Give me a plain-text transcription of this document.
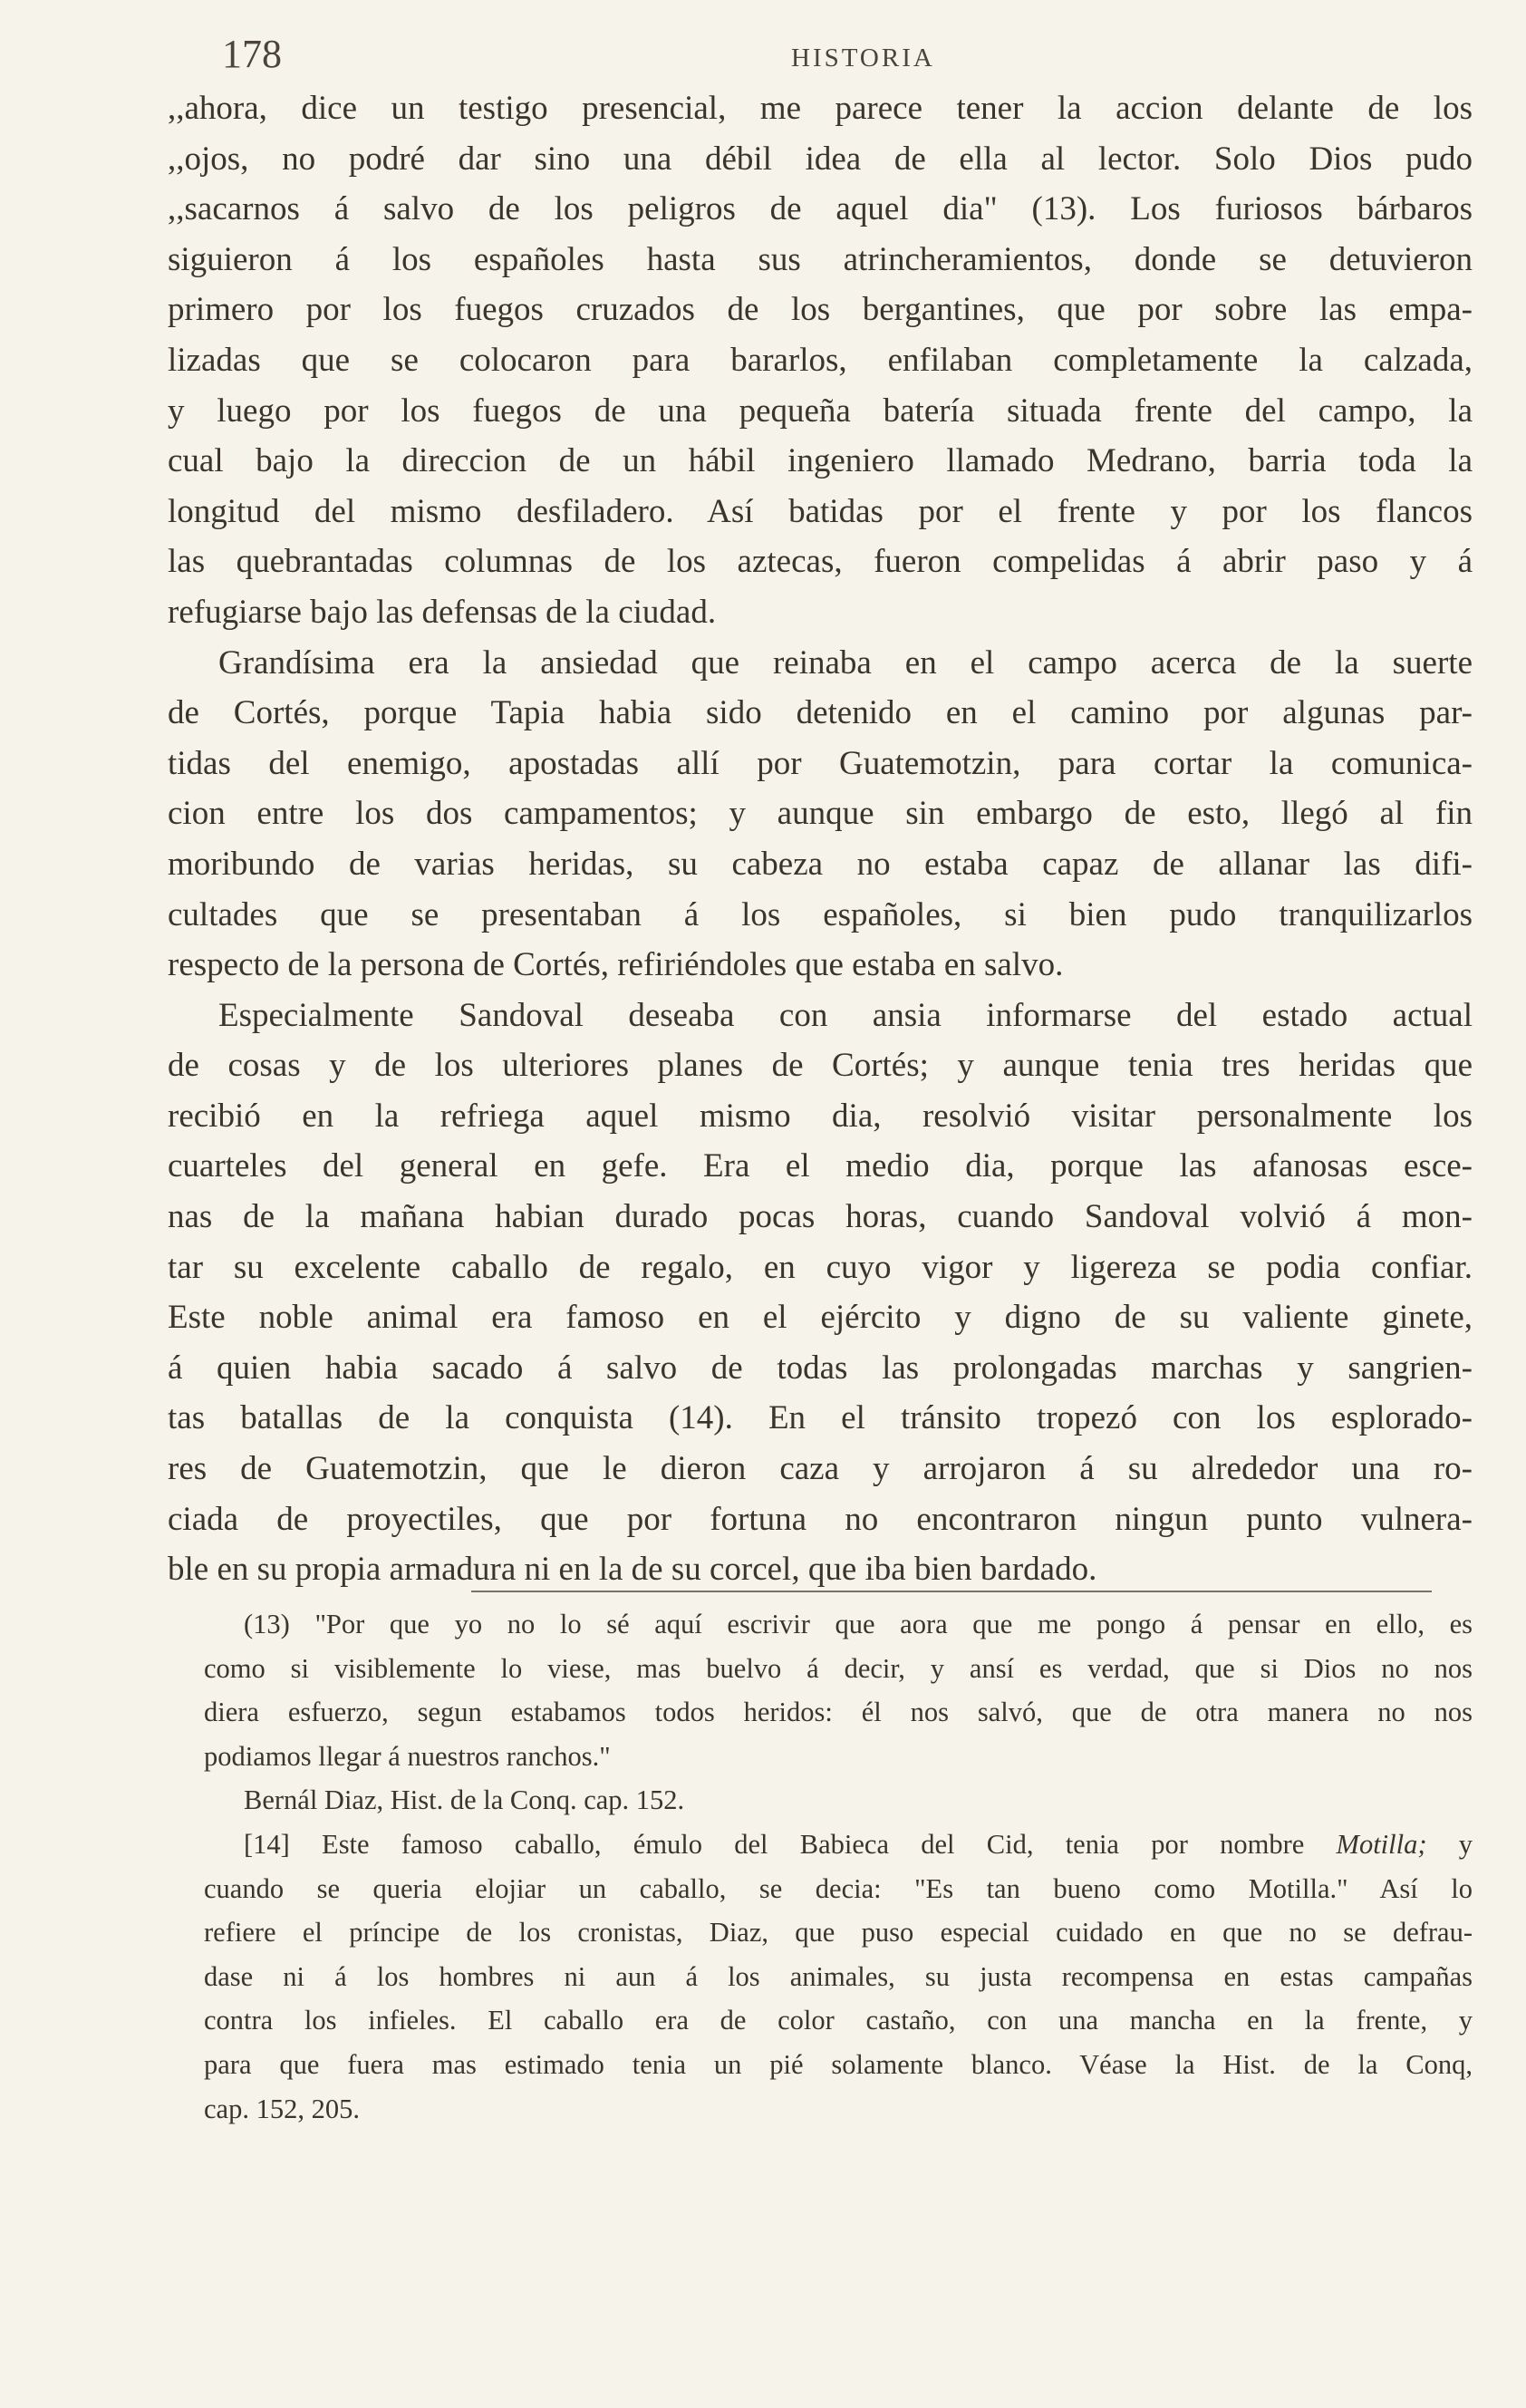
178	HISTORIA
,,ahora, dice un testigo presencial, me parece tener la accion delante de los
,,ojos, no podré dar sino una débil idea de ella al lector. Solo Dios pudo
,,sacarnos á salvo de los peligros de aquel dia" (13). Los furiosos bárbaros
siguieron á los españoles hasta sus atrincheramientos, donde se detuvieron
primero por los fuegos cruzados de los bergantines, que por sobre las empa-
lizadas que se colocaron para bararlos, enfilaban completamente la calzada,
y luego por los fuegos de una pequeña batería situada frente del campo, la
cual bajo la direccion de un hábil ingeniero llamado Medrano, barria toda la
longitud del mismo desfiladero. Así batidas por el frente y por los flancos
las quebrantadas columnas de los aztecas, fueron compelidas á abrir paso y á
refugiarse bajo las defensas de la ciudad.
Grandísima era la ansiedad que reinaba en el campo acerca de la suerte
de Cortés, porque Tapia habia sido detenido en el camino por algunas par-
tidas del enemigo, apostadas allí por Guatemotzin, para cortar la comunica-
cion entre los dos campamentos; y aunque sin embargo de esto, llegó al fin
moribundo de varias heridas, su cabeza no estaba capaz de allanar las difi-
cultades que se presentaban á los españoles, si bien pudo tranquilizarlos
respecto de la persona de Cortés, refiriéndoles que estaba en salvo.
Especialmente Sandoval deseaba con ansia informarse del estado actual
de cosas y de los ulteriores planes de Cortés; y aunque tenia tres heridas que
recibió en la refriega aquel mismo dia, resolvió visitar personalmente los
cuarteles del general en gefe. Era el medio dia, porque las afanosas esce-
nas de la mañana habian durado pocas horas, cuando Sandoval volvió á mon-
tar su excelente caballo de regalo, en cuyo vigor y ligereza se podia confiar.
Este noble animal era famoso en el ejército y digno de su valiente ginete,
á quien habia sacado á salvo de todas las prolongadas marchas y sangrien-
tas batallas de la conquista (14). En el tránsito tropezó con los esplorado-
res de Guatemotzin, que le dieron caza y arrojaron á su alrededor una ro-
ciada de proyectiles, que por fortuna no encontraron ningun punto vulnera-
ble en su propia armadura ni en la de su corcel, que iba bien bardado.
(13) "Por que yo no lo sé aquí escrivir que aora que me pongo á pensar en ello, es
como si visiblemente lo viese, mas buelvo á decir, y ansí es verdad, que si Dios no nos
diera esfuerzo, segun estabamos todos heridos: él nos salvó, que de otra manera no nos
podiamos llegar á nuestros ranchos."
Bernál Diaz, Hist. de la Conq. cap. 152.
[14] Este famoso caballo, émulo del Babieca del Cid, tenia por nombre Motilla; y
cuando se queria elojiar un caballo, se decia: "Es tan bueno como Motilla." Así lo
refiere el príncipe de los cronistas, Diaz, que puso especial cuidado en que no se defrau-
dase ni á los hombres ni aun á los animales, su justa recompensa en estas campañas
contra los infieles. El caballo era de color castaño, con una mancha en la frente, y
para que fuera mas estimado tenia un pié solamente blanco. Véase la Hist. de la Conq,
cap. 152, 205.
